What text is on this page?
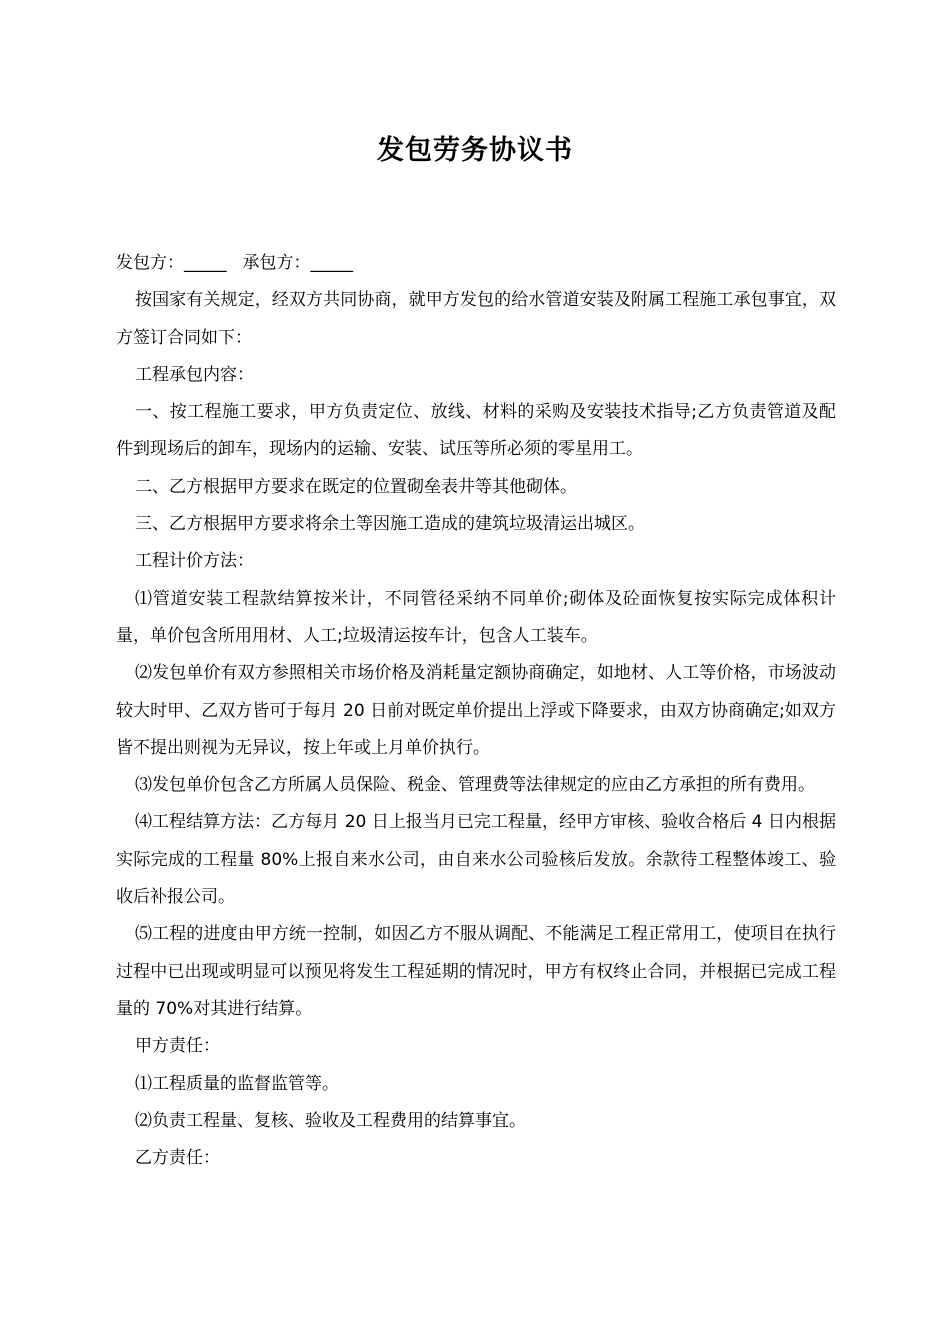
发包劳务协议书

发包方：_____ 承包方：_____

按国家有关规定，经双方共同协商，就甲方发包的给水管道安装及附属工程施工承包事宜，双方签订合同如下：

工程承包内容：

一、按工程施工要求，甲方负责定位、放线、材料的采购及安装技术指导;乙方负责管道及配件到现场后的卸车，现场内的运输、安装、试压等所必须的零星用工。

二、乙方根据甲方要求在既定的位置砌垒表井等其他砌体。

三、乙方根据甲方要求将余土等因施工造成的建筑垃圾清运出城区。

工程计价方法：

⑴管道安装工程款结算按米计，不同管径采纳不同单价;砌体及砼面恢复按实际完成体积计量，单价包含所用用材、人工;垃圾清运按车计，包含人工装车。

⑵发包单价有双方参照相关市场价格及消耗量定额协商确定，如地材、人工等价格，市场波动较大时甲、乙双方皆可于每月 20 日前对既定单价提出上浮或下降要求，由双方协商确定;如双方皆不提出则视为无异议，按上年或上月单价执行。

⑶发包单价包含乙方所属人员保险、税金、管理费等法律规定的应由乙方承担的所有费用。

⑷工程结算方法：乙方每月 20 日上报当月已完工程量，经甲方审核、验收合格后 4 日内根据实际完成的工程量 80%上报自来水公司，由自来水公司验核后发放。余款待工程整体竣工、验收后补报公司。

⑸工程的进度由甲方统一控制，如因乙方不服从调配、不能满足工程正常用工，使项目在执行过程中已出现或明显可以预见将发生工程延期的情况时，甲方有权终止合同，并根据已完成工程量的 70%对其进行结算。

甲方责任：

⑴工程质量的监督监管等。

⑵负责工程量、复核、验收及工程费用的结算事宜。

乙方责任：
